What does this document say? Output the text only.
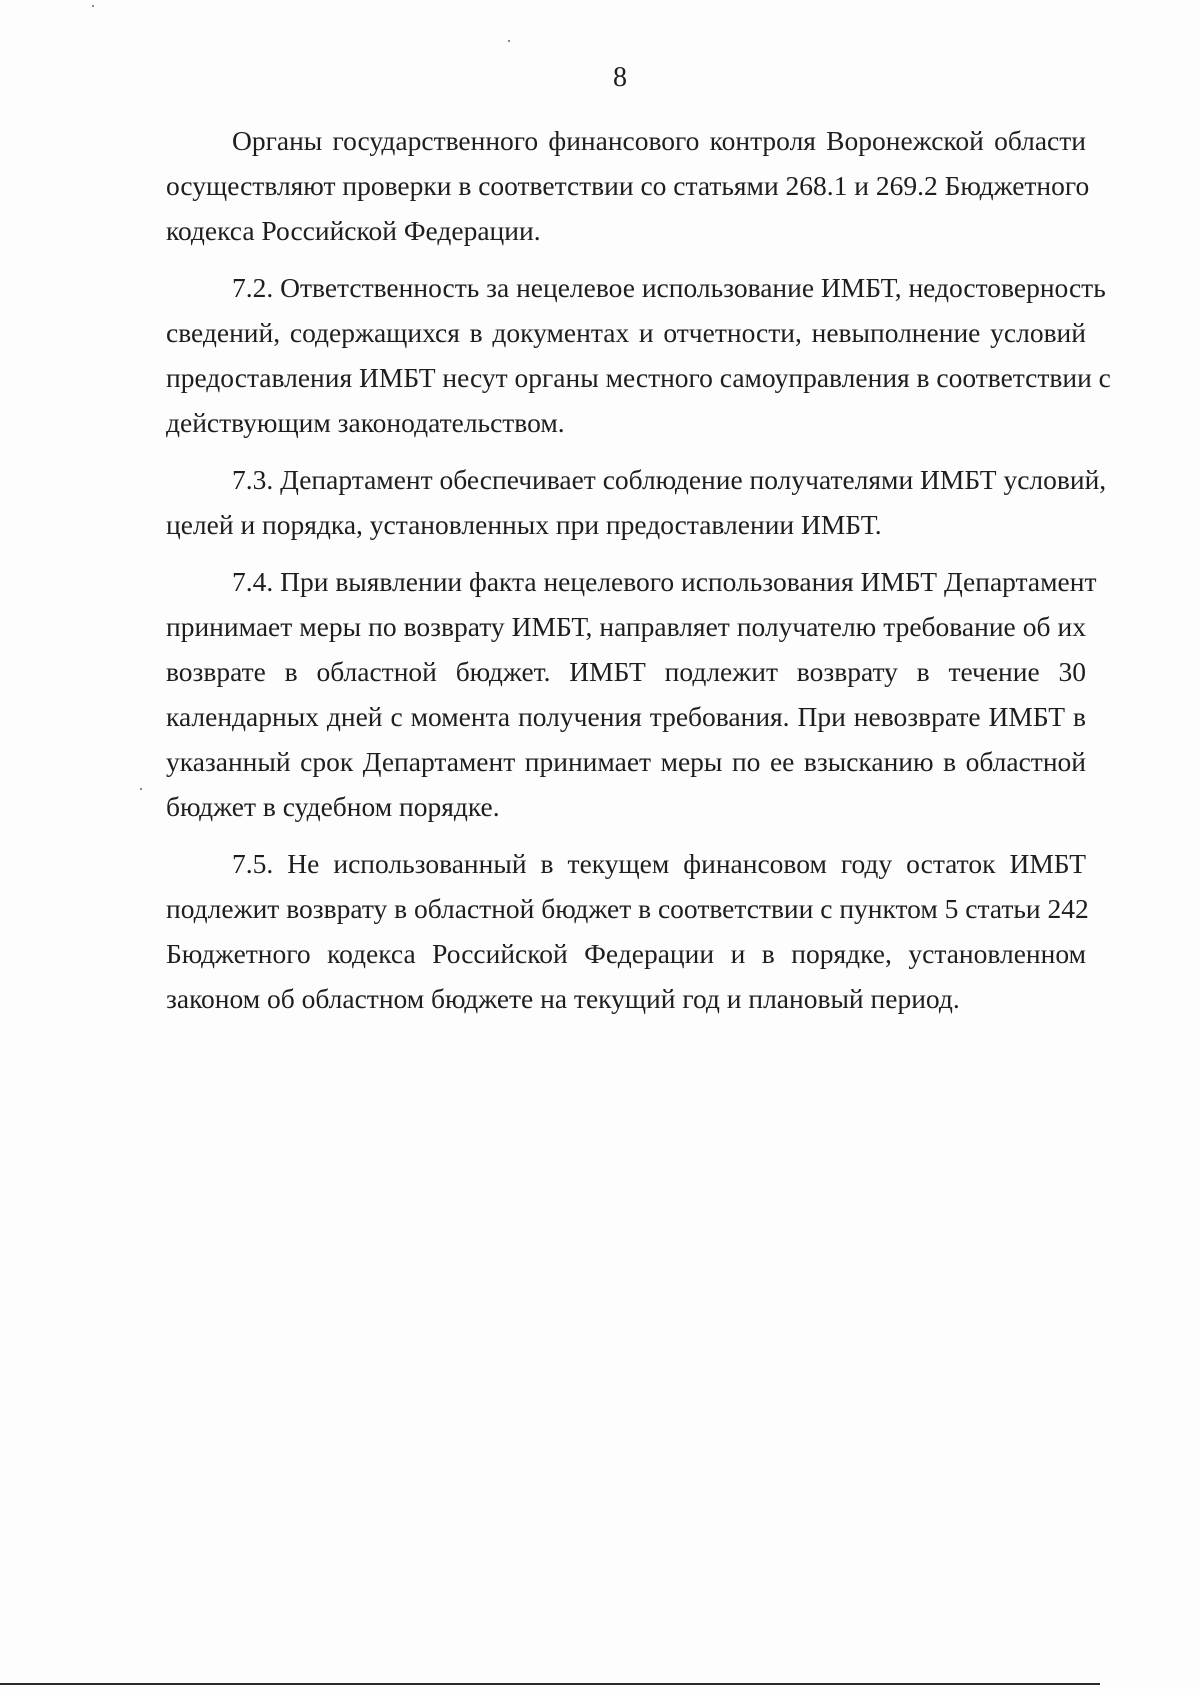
8

Органы государственного финансового контроля Воронежской области
осуществляют проверки в соответствии со статьями 268.1 и 269.2 Бюджетного
кодекса Российской Федерации.

7.2. Ответственность за нецелевое использование ИМБТ, недостоверность
сведений, содержащихся в документах и отчетности, невыполнение условий
предоставления ИМБТ несут органы местного самоуправления в соответствии с
действующим законодательством.

7.3. Департамент обеспечивает соблюдение получателями ИМБТ условий,
целей и порядка, установленных при предоставлении ИМБТ.

7.4. При выявлении факта нецелевого использования ИМБТ Департамент
принимает меры по возврату ИМБТ, направляет получателю требование об их
возврате в областной бюджет. ИМБТ подлежит возврату в течение 30
календарных дней с момента получения требования. При невозврате ИМБТ в
указанный срок Департамент принимает меры по ее взысканию в областной
бюджет в судебном порядке.

7.5. Не использованный в текущем финансовом году остаток ИМБТ
подлежит возврату в областной бюджет в соответствии с пунктом 5 статьи 242
Бюджетного кодекса Российской Федерации и в порядке, установленном
законом об областном бюджете на текущий год и плановый период.
